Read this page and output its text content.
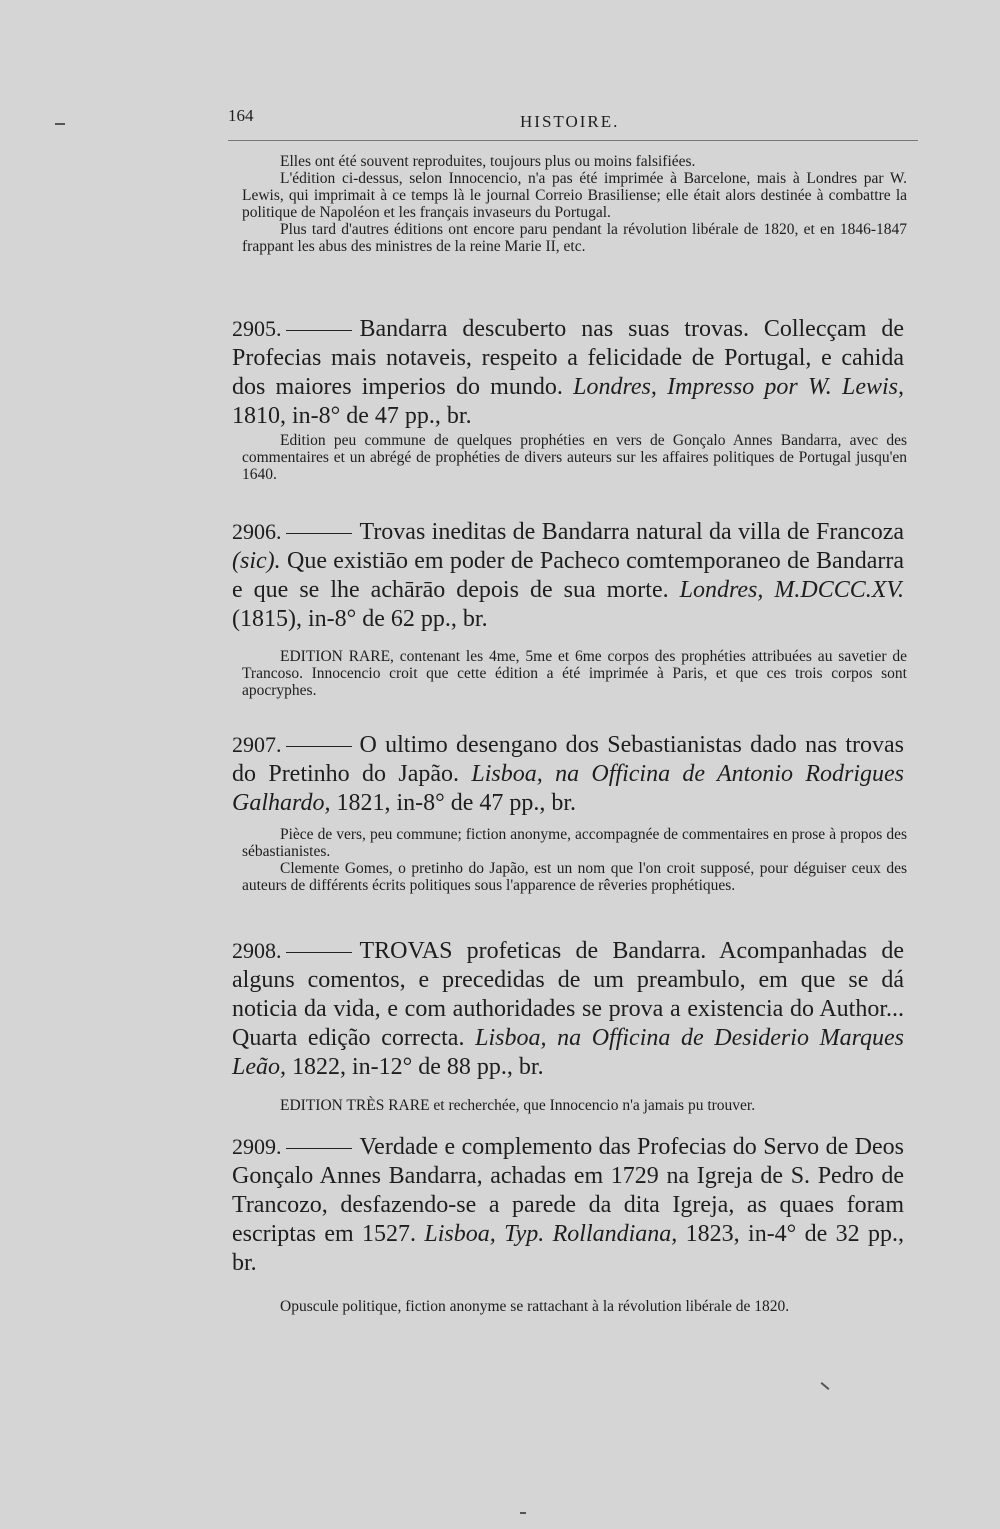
164	HISTOIRE.

Elles ont été souvent reproduites, toujours plus ou moins falsifiées.

L'édition ci-dessus, selon Innocencio, n'a pas été imprimée à Barcelone, mais à Londres par W. Lewis, qui imprimait à ce temps là le journal Correio Brasiliense; elle était alors destinée à combattre la politique de Napoléon et les français invaseurs du Portugal.

Plus tard d'autres éditions ont encore paru pendant la révolution libérale de 1820, et en 1846-1847 frappant les abus des ministres de la reine Marie II, etc.

2905.	Bandarra descuberto nas suas trovas. Collecçam de Profecias mais notaveis, respeito a felicidade de Portugal, e cahida dos maiores imperios do mundo. Londres, Impresso por W. Lewis, 1810, in-8° de 47 pp., br.

Edition peu commune de quelques prophéties en vers de Gonçalo Annes Bandarra, avec des commentaires et un abrégé de prophéties de divers auteurs sur les affaires politiques de Portugal jusqu'en 1640.

2906.	Trovas ineditas de Bandarra natural da villa de Francoza (sic). Que existiāo em poder de Pacheco comtemporaneo de Bandarra e que se lhe achārāo depois de sua morte. Londres, M.DCCC.XV. (1815), in-8° de 62 pp., br.

EDITION RARE, contenant les 4me, 5me et 6me corpos des prophéties attribuées au savetier de Trancoso. Innocencio croit que cette édition a été imprimée à Paris, et que ces trois corpos sont apocryphes.

2907.	O ultimo desengano dos Sebastianistas dado nas trovas do Pretinho do Japão. Lisboa, na Officina de Antonio Rodrigues Galhardo, 1821, in-8° de 47 pp., br.

Pièce de vers, peu commune; fiction anonyme, accompagnée de commentaires en prose à propos des sébastianistes.

Clemente Gomes, o pretinho do Japão, est un nom que l'on croit supposé, pour déguiser ceux des auteurs de différents écrits politiques sous l'apparence de rêveries prophétiques.

2908.	TROVAS profeticas de Bandarra. Acompanhadas de alguns comentos, e precedidas de um preambulo, em que se dá noticia da vida, e com authoridades se prova a existencia do Author... Quarta edição correcta. Lisboa, na Officina de Desiderio Marques Leão, 1822, in-12° de 88 pp., br.

EDITION TRÈS RARE et recherchée, que Innocencio n'a jamais pu trouver.

2909.	Verdade e complemento das Profecias do Servo de Deos Gonçalo Annes Bandarra, achadas em 1729 na Igreja de S. Pedro de Trancozo, desfazendo-se a parede da dita Igreja, as quaes foram escriptas em 1527. Lisboa, Typ. Rollandiana, 1823, in-4° de 32 pp., br.

Opuscule politique, fiction anonyme se rattachant à la révolution libérale de 1820.
